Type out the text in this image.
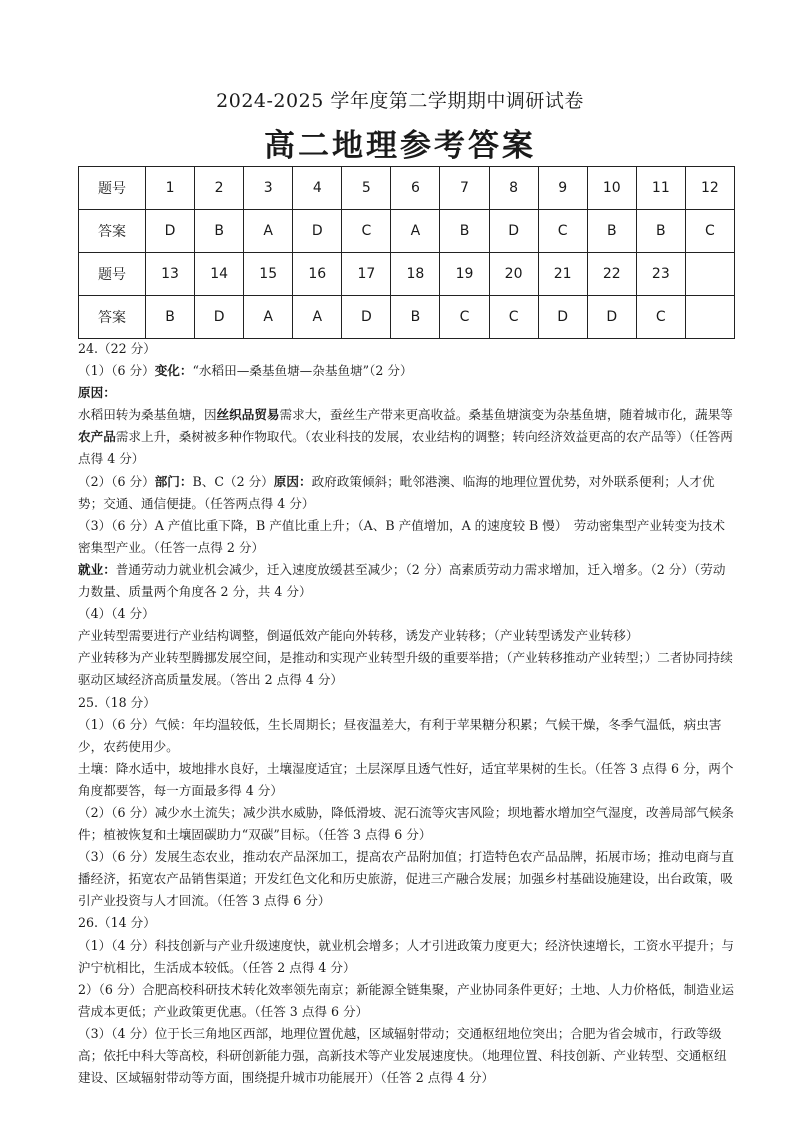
2024-2025 学年度第二学期期中调研试卷
高二地理参考答案
题号	1	2	3	4	5	6	7	8	9	10	11	12
答案	D	B	A	D	C	A	B	D	C	B	B	C
题号	13	14	15	16	17	18	19	20	21	22	23	
答案	B	D	A	A	D	B	C	C	D	D	C	

24.（22 分）

（1）（6 分）变化：“水稻田—桑基鱼塘—杂基鱼塘”（2 分）

原因：

水稻田转为桑基鱼塘，因丝织品贸易需求大，蚕丝生产带来更高收益。桑基鱼塘演变为杂基鱼塘，随着城市化，蔬果等农产品需求上升，桑树被多种作物取代。（农业科技的发展，农业结构的调整；转向经济效益更高的农产品等）（任答两点得 4 分）

（2）（6 分）部门：B、C（2 分）原因：政府政策倾斜；毗邻港澳、临海的地理位置优势，对外联系便利；人才优势；交通、通信便捷。（任答两点得 4 分）

（3）（6 分）A 产值比重下降，B 产值比重上升；（A、B 产值增加，A 的速度较 B 慢）　劳动密集型产业转变为技术密集型产业。（任答一点得 2 分）

就业：普通劳动力就业机会减少，迁入速度放缓甚至减少；（2 分）高素质劳动力需求增加，迁入增多。（2 分）（劳动力数量、质量两个角度各 2 分，共 4 分）

（4）（4 分）

产业转型需要进行产业结构调整，倒逼低效产能向外转移，诱发产业转移；（产业转型诱发产业转移）

产业转移为产业转型腾挪发展空间，是推动和实现产业转型升级的重要举措；（产业转移推动产业转型；）二者协同持续驱动区域经济高质量发展。（答出 2 点得 4 分）

25.（18 分）

（1）（6 分）气候：年均温较低，生长周期长；昼夜温差大，有利于苹果糖分积累；气候干燥，冬季气温低，病虫害少，农药使用少。

土壤：降水适中，坡地排水良好，土壤湿度适宜；土层深厚且透气性好，适宜苹果树的生长。（任答 3 点得 6 分，两个角度都要答，每一方面最多得 4 分）

（2）（6 分）减少水土流失；减少洪水威胁，降低滑坡、泥石流等灾害风险；坝地蓄水增加空气湿度，改善局部气候条件；植被恢复和土壤固碳助力“双碳”目标。（任答 3 点得 6 分）

（3）（6 分）发展生态农业，推动农产品深加工，提高农产品附加值；打造特色农产品品牌，拓展市场；推动电商与直播经济，拓宽农产品销售渠道；开发红色文化和历史旅游，促进三产融合发展；加强乡村基础设施建设，出台政策，吸引产业投资与人才回流。（任答 3 点得 6 分）

26.（14 分）

（1）（4 分）科技创新与产业升级速度快，就业机会增多；人才引进政策力度更大；经济快速增长，工资水平提升；与沪宁杭相比，生活成本较低。（任答 2 点得 4 分）

2）（6 分）合肥高校科研技术转化效率领先南京；新能源全链集聚，产业协同条件更好；土地、人力价格低，制造业运营成本更低；产业政策更优惠。（任答 3 点得 6 分）

（3）（4 分）位于长三角地区西部，地理位置优越，区域辐射带动；交通枢纽地位突出；合肥为省会城市，行政等级高；依托中科大等高校，科研创新能力强，高新技术等产业发展速度快。（地理位置、科技创新、产业转型、交通枢纽建设、区域辐射带动等方面，围绕提升城市功能展开）（任答 2 点得 4 分）
